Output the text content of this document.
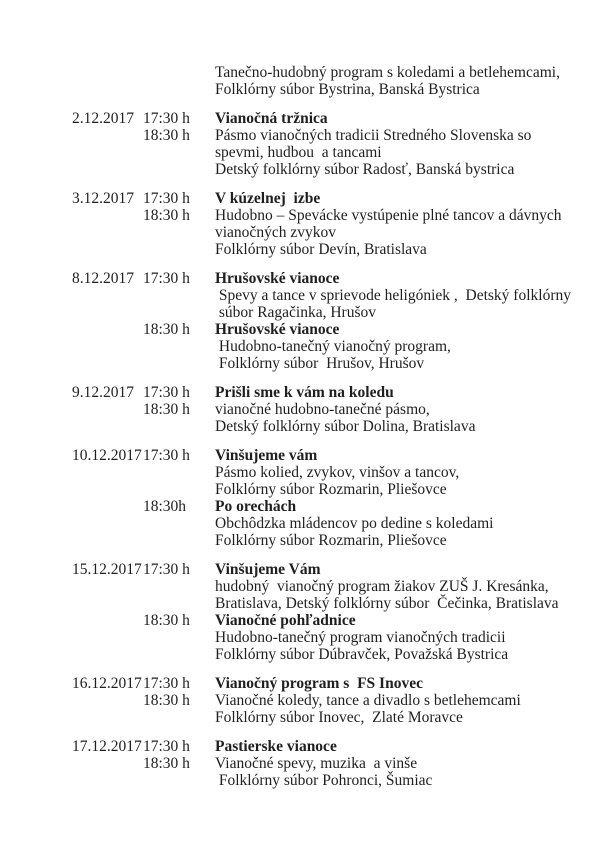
Tanečno-hudobný program s koledami a betlehemcami,
Folklórny súbor Bystrina, Banská Bystrica
2.12.2017 17:30 h	Vianočná tržnica
18:30 h	Pásmo vianočných tradicii Stredného Slovenska so
spevmi, hudbou  a tancami
Detský folklórny súbor Radosť, Banská bystrica
3.12.2017 17:30 h	V kúzelnej  izbe
18:30 h	Hudobno – Spevácke vystúpenie plné tancov a dávnych
vianočných zvykov
Folklórny súbor Devín, Bratislava
8.12.2017 17:30 h	Hrušovské vianoce
Spevy a tance v sprievode heligóniek ,  Detský folklórny
súbor Ragačinka, Hrušov
18:30 h	Hrušovské vianoce
Hudobno-tanečný vianočný program,
Folklórny súbor  Hrušov, Hrušov
9.12.2017 17:30 h	Prišli sme k vám na koledu
18:30 h	vianočné hudobno-tanečné pásmo,
Detský folklórny súbor Dolina, Bratislava
10.12.2017 17:30 h	Vinšujeme vám
Pásmo kolied, zvykov, vinšov a tancov,
Folklórny súbor Rozmarin, Pliešovce
18:30h	Po orechách
Obchôdzka mládencov po dedine s koledami
Folklórny súbor Rozmarin, Pliešovce
15.12.2017 17:30 h	Vinšujeme Vám
hudobný  vianočný program žiakov ZUŠ J. Kresánka,
Bratislava, Detský folklórny súbor  Čečinka, Bratislava
18:30 h	Vianočné pohľadnice
Hudobno-tanečný program vianočných tradicii
Folklórny súbor Dúbravček, Považská Bystrica
16.12.2017 17:30 h	Vianočný program s  FS Inovec
18:30 h	Vianočné koledy, tance a divadlo s betlehemcami
Folklórny súbor Inovec,  Zlaté Moravce
17.12.2017 17:30 h	Pastierske vianoce
18:30 h	Vianočné spevy, muzika  a vinše
Folklórny súbor Pohronci, Šumiac
